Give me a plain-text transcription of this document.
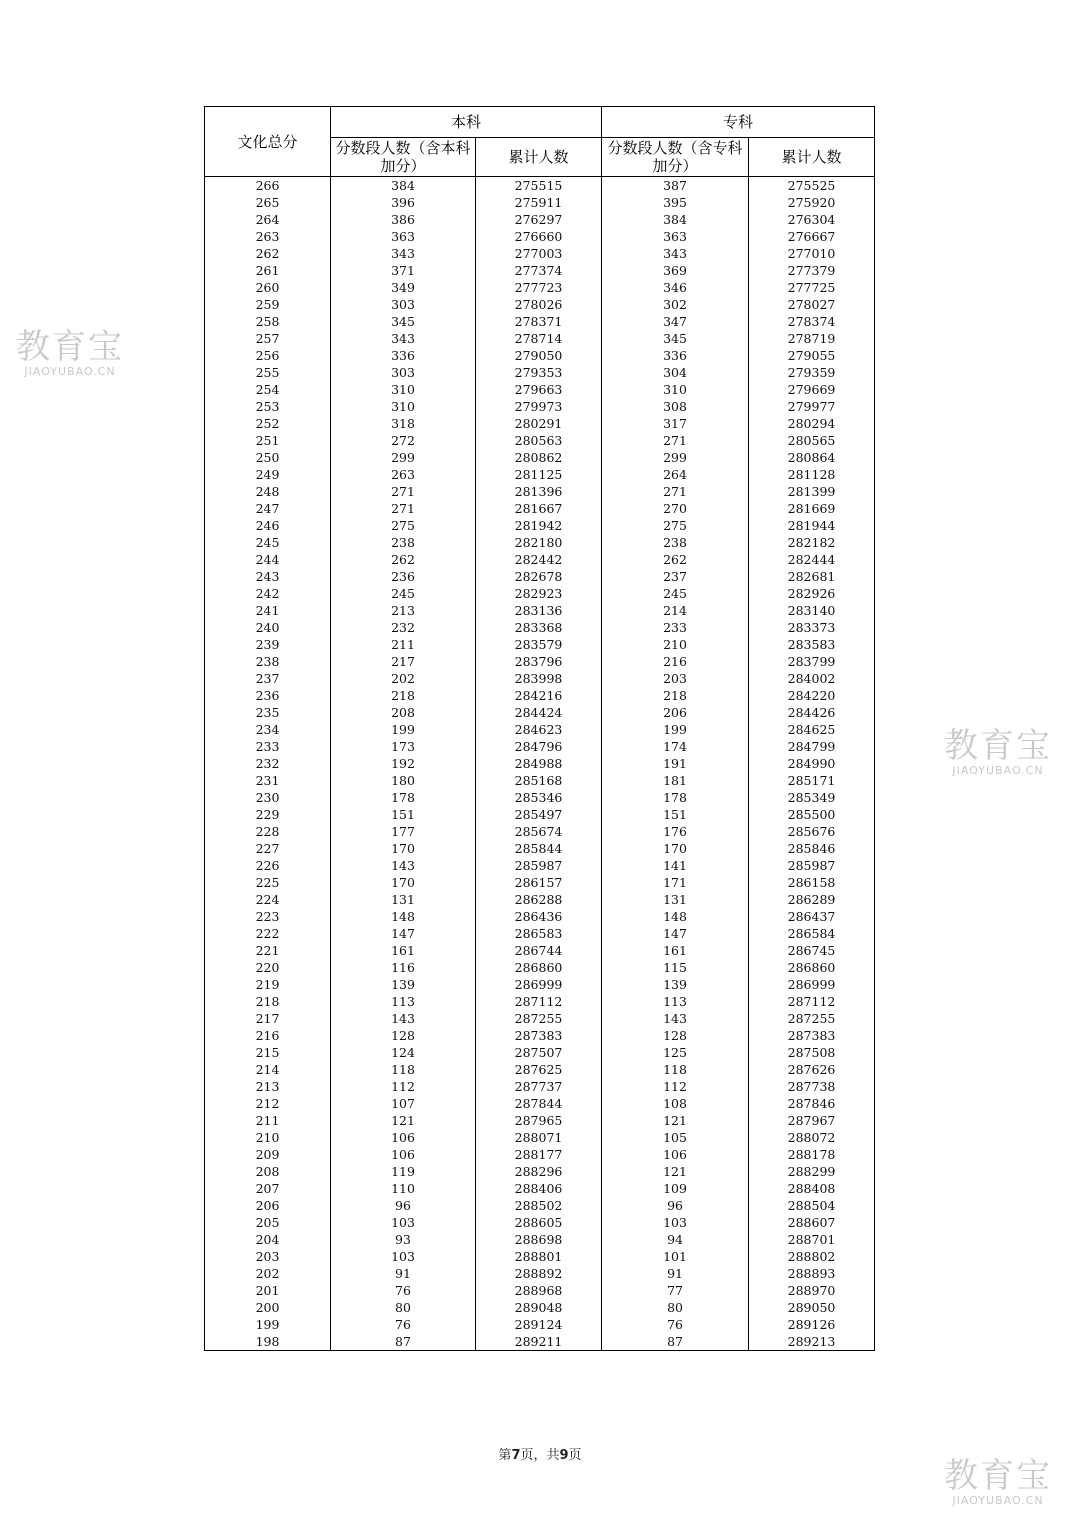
文化总分	本科		专科	
	分数段人数（含本科加分）	累计人数	分数段人数（含专科加分）	累计人数
266	384	275515	387	275525
265	396	275911	395	275920
264	386	276297	384	276304
263	363	276660	363	276667
262	343	277003	343	277010
261	371	277374	369	277379
260	349	277723	346	277725
259	303	278026	302	278027
258	345	278371	347	278374
257	343	278714	345	278719
256	336	279050	336	279055
255	303	279353	304	279359
254	310	279663	310	279669
253	310	279973	308	279977
252	318	280291	317	280294
251	272	280563	271	280565
250	299	280862	299	280864
249	263	281125	264	281128
248	271	281396	271	281399
247	271	281667	270	281669
246	275	281942	275	281944
245	238	282180	238	282182
244	262	282442	262	282444
243	236	282678	237	282681
242	245	282923	245	282926
241	213	283136	214	283140
240	232	283368	233	283373
239	211	283579	210	283583
238	217	283796	216	283799
237	202	283998	203	284002
236	218	284216	218	284220
235	208	284424	206	284426
234	199	284623	199	284625
233	173	284796	174	284799
232	192	284988	191	284990
231	180	285168	181	285171
230	178	285346	178	285349
229	151	285497	151	285500
228	177	285674	176	285676
227	170	285844	170	285846
226	143	285987	141	285987
225	170	286157	171	286158
224	131	286288	131	286289
223	148	286436	148	286437
222	147	286583	147	286584
221	161	286744	161	286745
220	116	286860	115	286860
219	139	286999	139	286999
218	113	287112	113	287112
217	143	287255	143	287255
216	128	287383	128	287383
215	124	287507	125	287508
214	118	287625	118	287626
213	112	287737	112	287738
212	107	287844	108	287846
211	121	287965	121	287967
210	106	288071	105	288072
209	106	288177	106	288178
208	119	288296	121	288299
207	110	288406	109	288408
206	96	288502	96	288504
205	103	288605	103	288607
204	93	288698	94	288701
203	103	288801	101	288802
202	91	288892	91	288893
201	76	288968	77	288970
200	80	289048	80	289050
199	76	289124	76	289126
198	87	289211	87	289213
第7页，共9页
教育宝
JIAOYUBAO.CN
教育宝
JIAOYUBAO.CN
教育宝
JIAOYUBAO.CN
